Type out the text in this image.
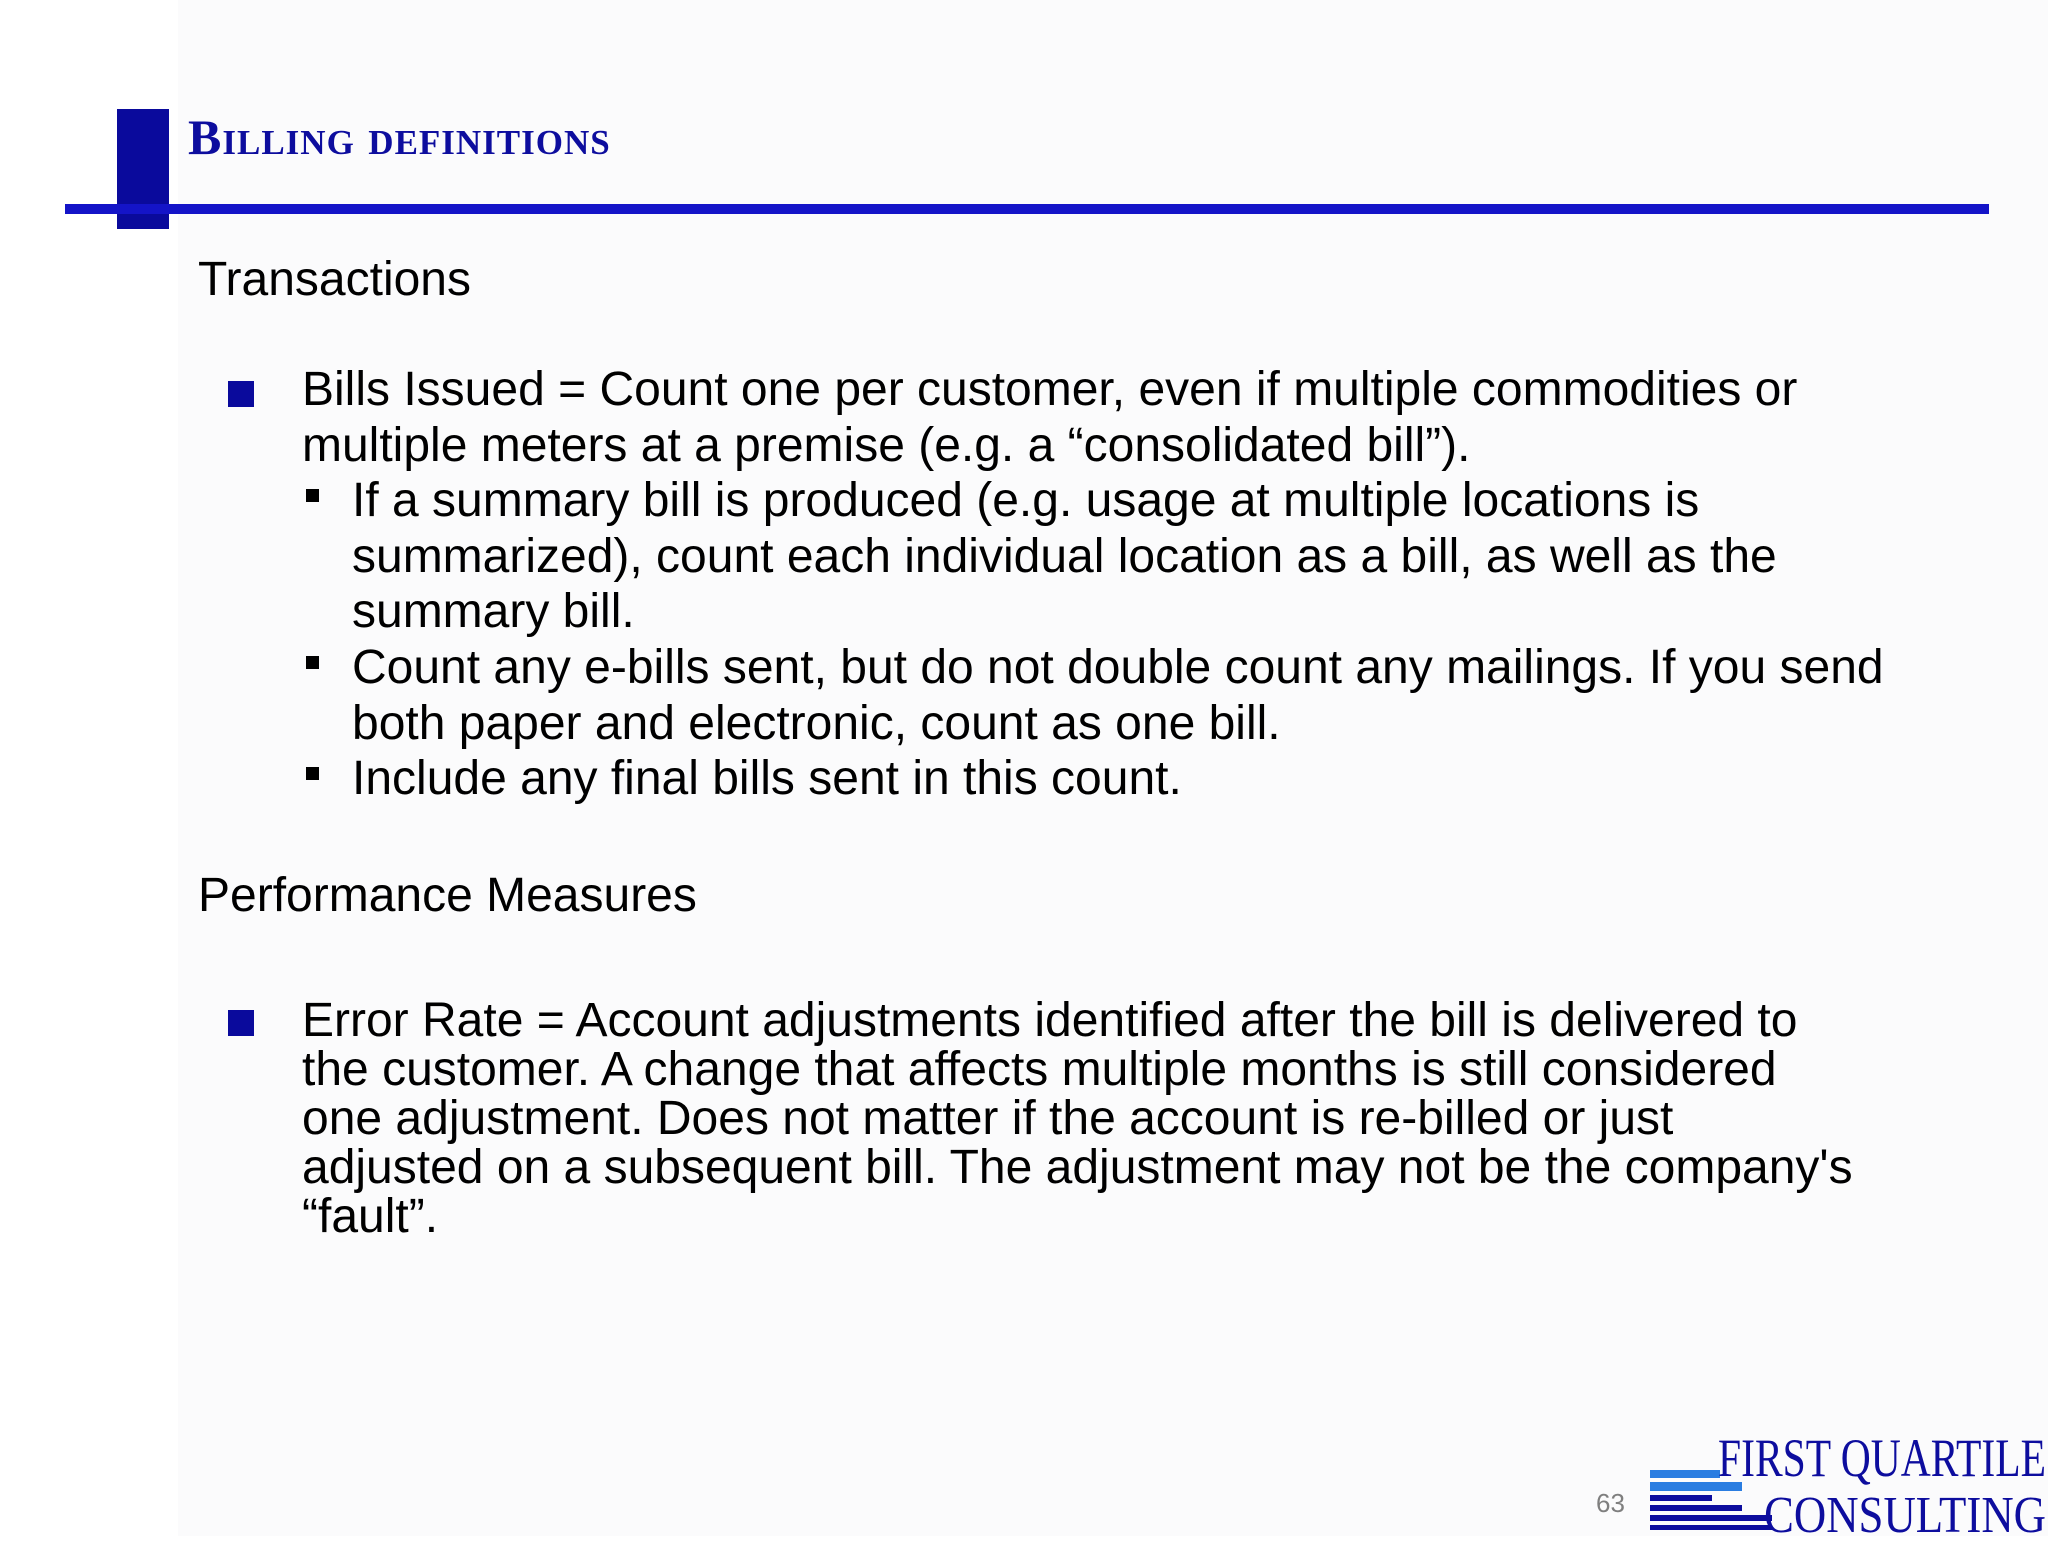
Billing definitions
Transactions
Bills Issued = Count one per customer, even if multiple commodities or multiple meters at a premise (e.g. a “consolidated bill”).
If a summary bill is produced (e.g. usage at multiple locations is summarized), count each individual location as a bill, as well as the summary bill.
Count any e-bills sent, but do not double count any mailings. If you send both paper and electronic, count as one bill.
Include any final bills sent in this count.
Performance Measures
Error Rate = Account adjustments identified after the bill is delivered to
the customer. A change that affects multiple months is still considered
one adjustment. Does not matter if the account is re-billed or just
adjusted on a subsequent bill. The adjustment may not be the company's
“fault”.
63
FIRST QUARTILE
CONSULTING
